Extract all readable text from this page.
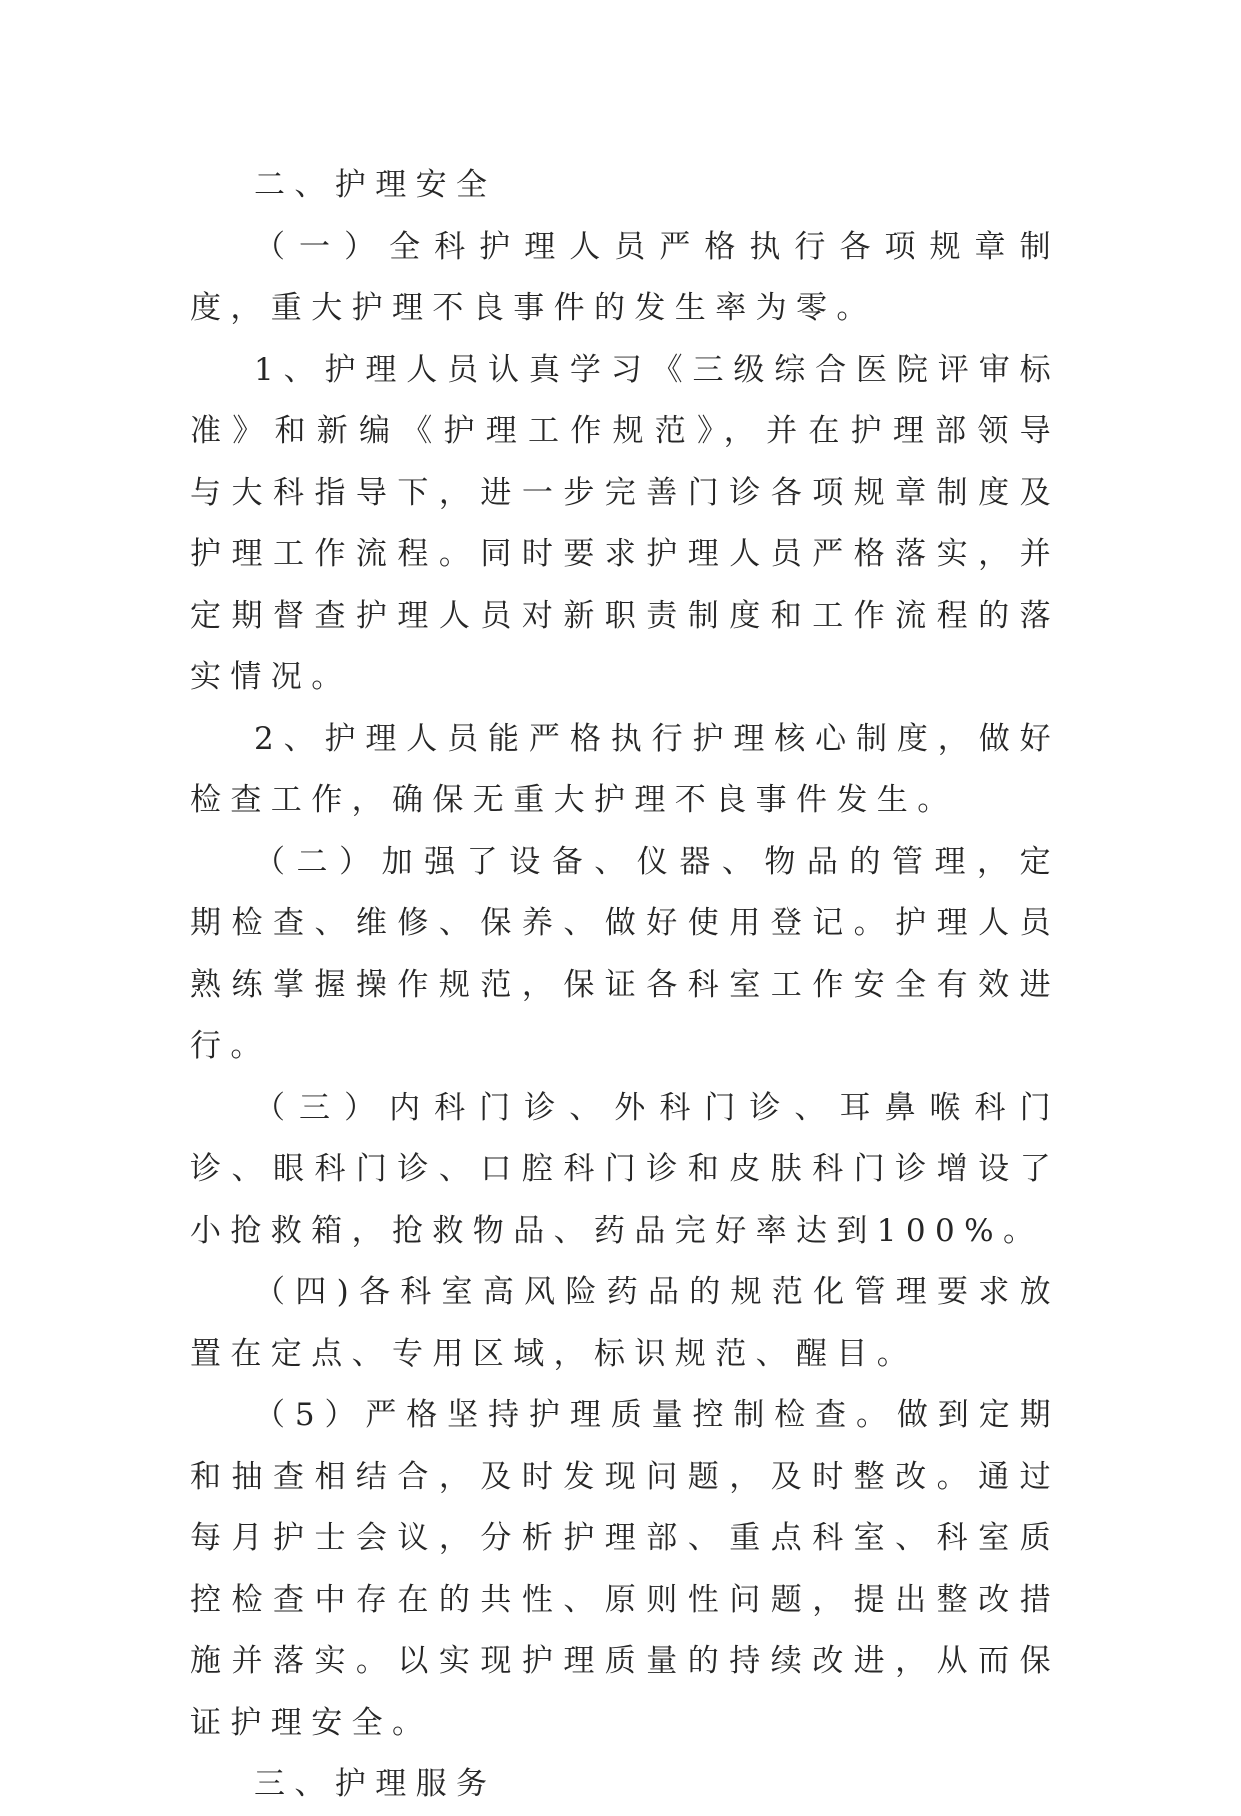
二、护理安全

（一）全科护理人员严格执行各项规章制度，重大护理不良事件的发生率为零。

1、护理人员认真学习《三级综合医院评审标准》和新编《护理工作规范》，并在护理部领导与大科指导下，进一步完善门诊各项规章制度及护理工作流程。同时要求护理人员严格落实，并定期督查护理人员对新职责制度和工作流程的落实情况。

2、护理人员能严格执行护理核心制度，做好检查工作，确保无重大护理不良事件发生。

（二）加强了设备、仪器、物品的管理，定期检查、维修、保养、做好使用登记。护理人员熟练掌握操作规范，保证各科室工作安全有效进行。

（三）内科门诊、外科门诊、耳鼻喉科门诊、眼科门诊、口腔科门诊和皮肤科门诊增设了小抢救箱，抢救物品、药品完好率达到100%。

（四)各科室高风险药品的规范化管理要求放置在定点、专用区域，标识规范、醒目。

（5）严格坚持护理质量控制检查。做到定期和抽查相结合，及时发现问题，及时整改。通过每月护士会议，分析护理部、重点科室、科室质控检查中存在的共性、原则性问题，提出整改措施并落实。以实现护理质量的持续改进，从而保证护理安全。

三、护理服务
